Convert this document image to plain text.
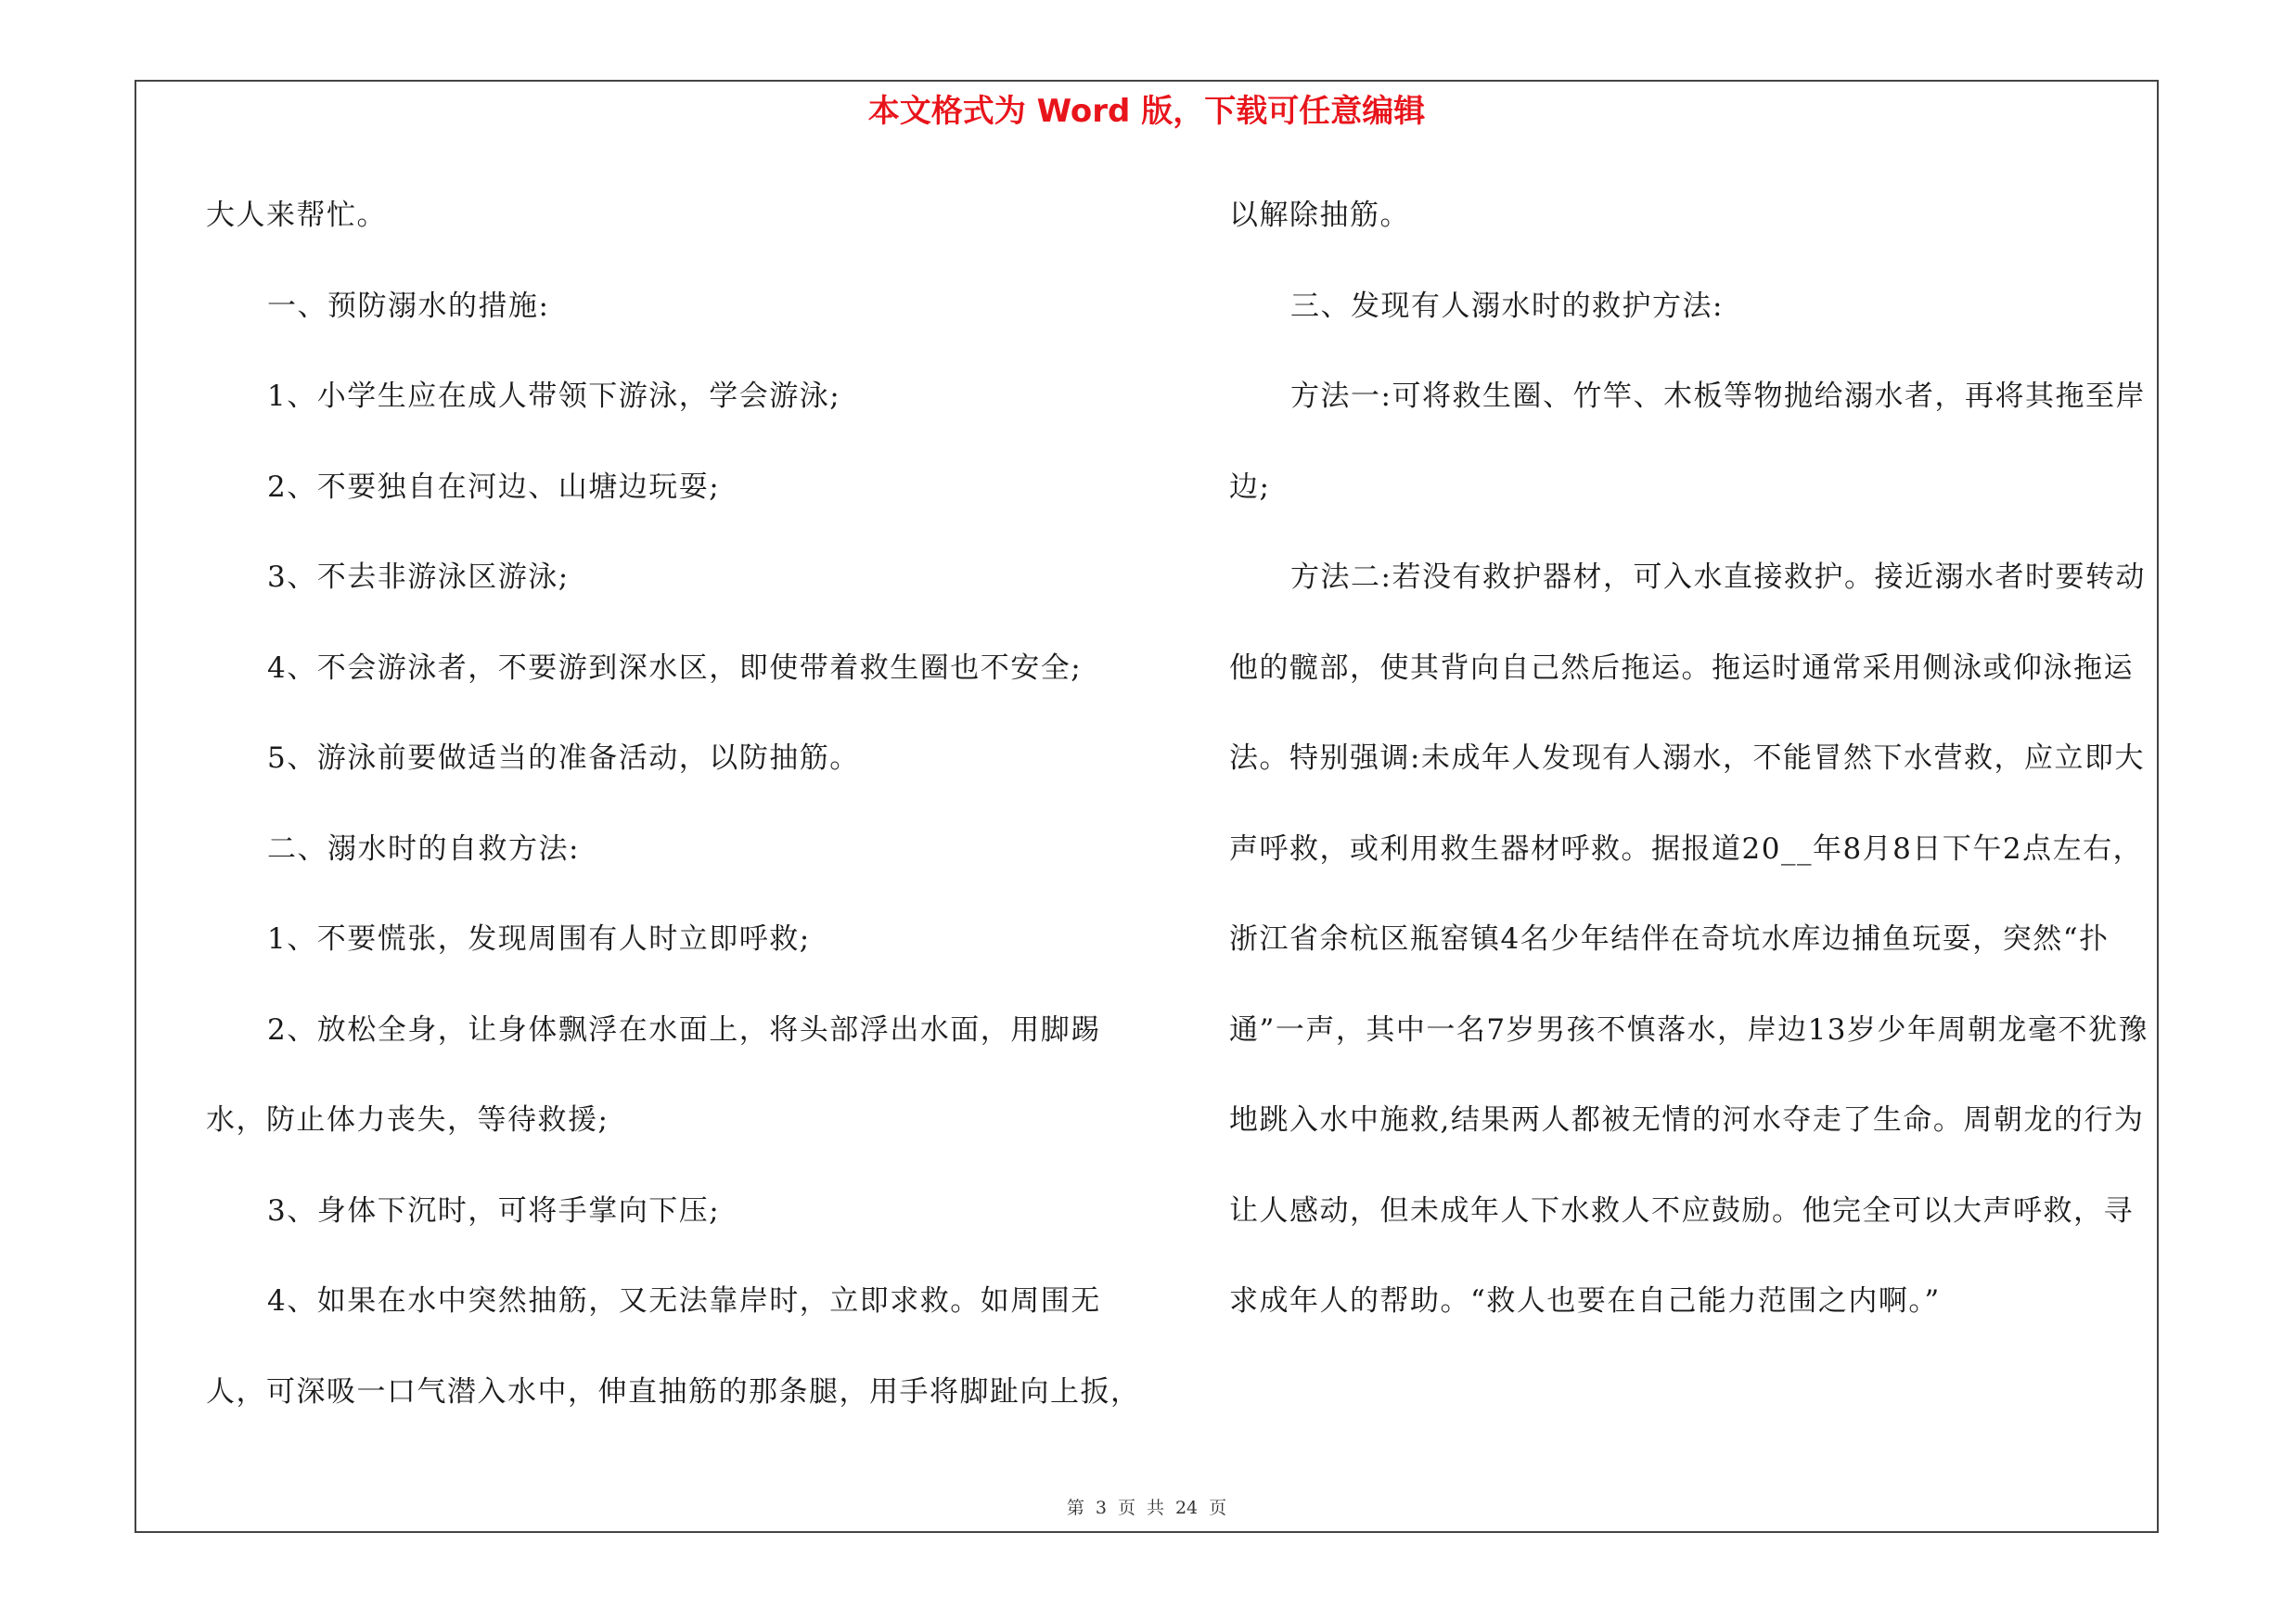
本文格式为 Word 版，下载可任意编辑

大人来帮忙。

一、预防溺水的措施:

1、小学生应在成人带领下游泳，学会游泳;

2、不要独自在河边、山塘边玩耍;

3、不去非游泳区游泳;

4、不会游泳者，不要游到深水区，即使带着救生圈也不安全;

5、游泳前要做适当的准备活动，以防抽筋。

二、溺水时的自救方法:

1、不要慌张，发现周围有人时立即呼救;

2、放松全身，让身体飘浮在水面上，将头部浮出水面，用脚踢水，防止体力丧失，等待救援;

3、身体下沉时，可将手掌向下压;

4、如果在水中突然抽筋，又无法靠岸时，立即求救。如周围无人，可深吸一口气潜入水中，伸直抽筋的那条腿，用手将脚趾向上扳，

以解除抽筋。

三、发现有人溺水时的救护方法:

方法一:可将救生圈、竹竿、木板等物抛给溺水者，再将其拖至岸边;

方法二:若没有救护器材，可入水直接救护。接近溺水者时要转动他的髋部，使其背向自己然后拖运。拖运时通常采用侧泳或仰泳拖运法。特别强调:未成年人发现有人溺水，不能冒然下水营救，应立即大声呼救，或利用救生器材呼救。据报道20__年8月8日下午2点左右，浙江省余杭区瓶窑镇4名少年结伴在奇坑水库边捕鱼玩耍，突然“扑通”一声，其中一名7岁男孩不慎落水，岸边13岁少年周朝龙毫不犹豫地跳入水中施救,结果两人都被无情的河水夺走了生命。周朝龙的行为让人感动，但未成年人下水救人不应鼓励。他完全可以大声呼救，寻求成年人的帮助。“救人也要在自己能力范围之内啊。”

第 3 页 共 24 页
